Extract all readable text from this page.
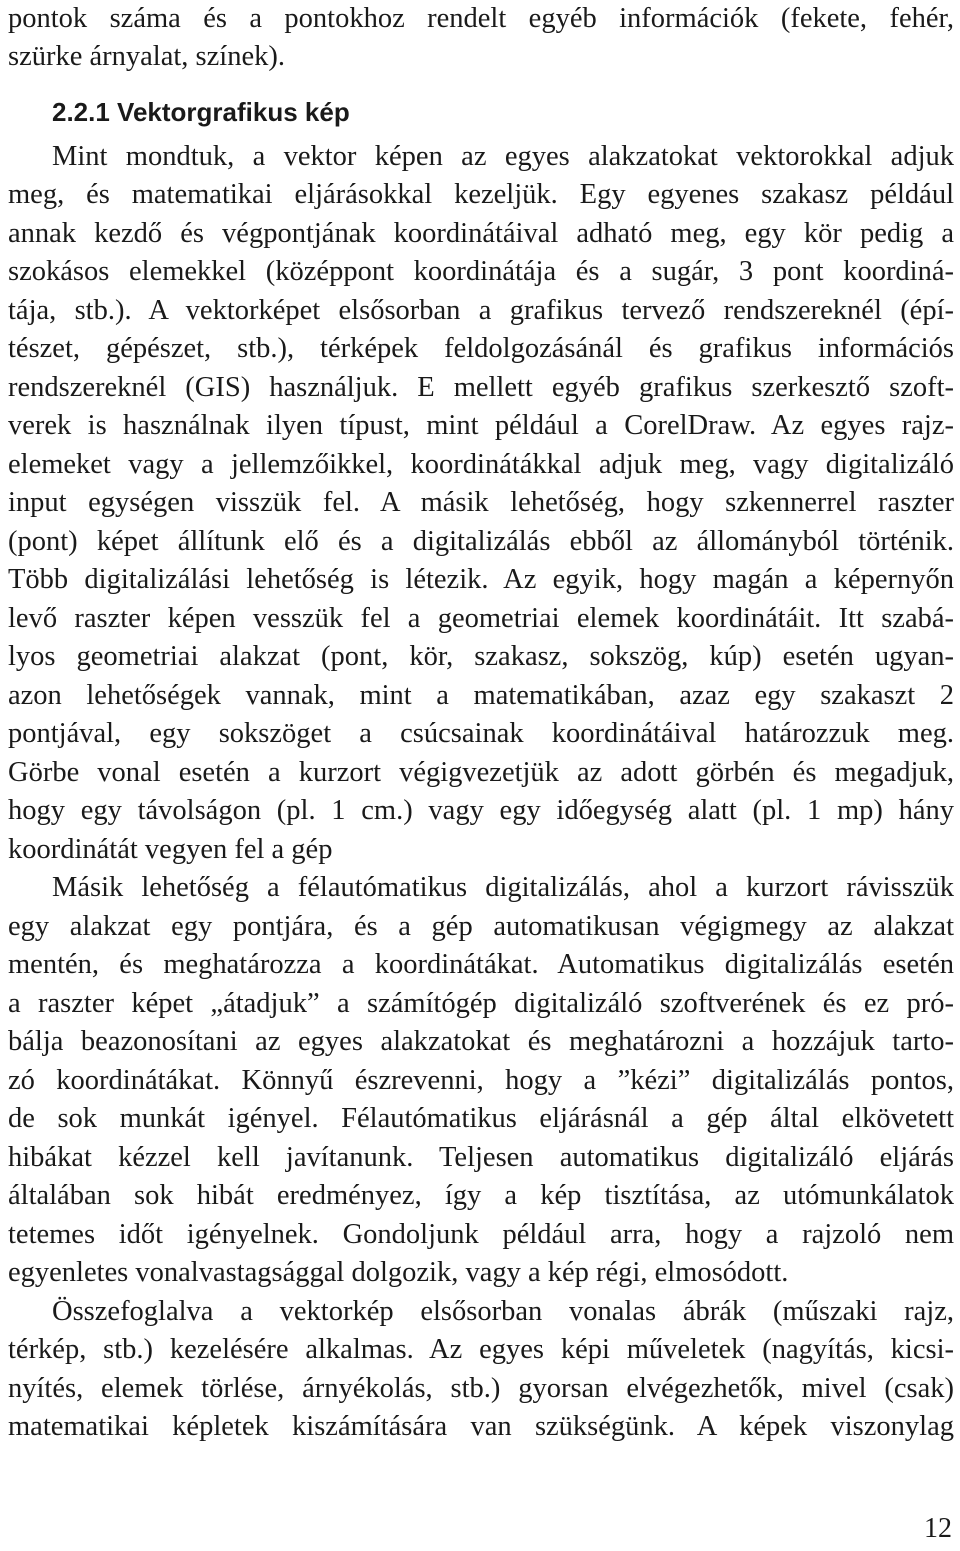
pontok száma és a pontokhoz rendelt egyéb információk (fekete, fehér,
szürke árnyalat, színek).
2.2.1 Vektorgrafikus kép
Mint mondtuk, a vektor képen az egyes alakzatokat vektorokkal adjuk
meg, és matematikai eljárásokkal kezeljük. Egy egyenes szakasz például
annak kezdő és végpontjának koordinátáival adható meg, egy kör pedig a
szokásos elemekkel (középpont koordinátája és a sugár, 3 pont koordiná-
tája, stb.). A vektorképet elsősorban a grafikus tervező rendszereknél (épí-
tészet, gépészet, stb.), térképek feldolgozásánál és grafikus információs
rendszereknél (GIS) használjuk. E mellett egyéb grafikus szerkesztő szoft-
verek is használnak ilyen típust, mint például a CorelDraw. Az egyes rajz-
elemeket vagy a jellemzőikkel, koordinátákkal adjuk meg, vagy digitalizáló
input egységen visszük fel. A másik lehetőség, hogy szkennerrel raszter
(pont) képet állítunk elő és a digitalizálás ebből az állományból történik.
Több digitalizálási lehetőség is létezik. Az egyik, hogy magán a képernyőn
levő raszter képen vesszük fel a geometriai elemek koordinátáit. Itt szabá-
lyos geometriai alakzat (pont, kör, szakasz, sokszög, kúp) esetén ugyan-
azon lehetőségek vannak, mint a matematikában, azaz egy szakaszt 2
pontjával, egy sokszöget a csúcsainak koordinátáival határozzuk meg.
Görbe vonal esetén a kurzort végigvezetjük az adott görbén és megadjuk,
hogy egy távolságon (pl. 1 cm.) vagy egy időegység alatt (pl. 1 mp) hány
koordinátát vegyen fel a gép
Másik lehetőség a félautómatikus digitalizálás, ahol a kurzort rávisszük
egy alakzat egy pontjára, és a gép automatikusan végigmegy az alakzat
mentén, és meghatározza a koordinátákat. Automatikus digitalizálás esetén
a raszter képet „átadjuk” a számítógép digitalizáló szoftverének és ez pró-
bálja beazonosítani az egyes alakzatokat és meghatározni a hozzájuk tarto-
zó koordinátákat. Könnyű észrevenni, hogy a ”kézi” digitalizálás pontos,
de sok munkát igényel. Félautómatikus eljárásnál a gép által elkövetett
hibákat kézzel kell javítanunk. Teljesen automatikus digitalizáló eljárás
általában sok hibát eredményez, így a kép tisztítása, az utómunkálatok
tetemes időt igényelnek. Gondoljunk például arra, hogy a rajzoló nem
egyenletes vonalvastagsággal dolgozik, vagy a kép régi, elmosódott.
Összefoglalva a vektorkép elsősorban vonalas ábrák (műszaki rajz,
térkép, stb.) kezelésére alkalmas. Az egyes képi műveletek (nagyítás, kicsi-
nyítés, elemek törlése, árnyékolás, stb.) gyorsan elvégezhetők, mivel (csak)
matematikai képletek kiszámítására van szükségünk. A képek viszonylag
12
